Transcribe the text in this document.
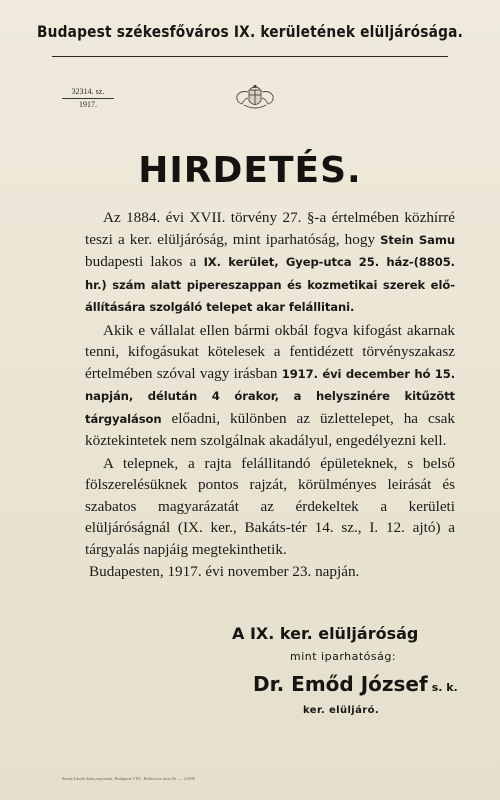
Budapest székesfőváros IX. kerületének elüljárósága.
32314. sz.
1917.
HIRDETÉS.

Az 1884. évi XVII. törvény 27. §-a értelmében közhírré teszi a ker. elüljáróság, mint iparhatóság, hogy Stein Samu budapesti lakos a IX. kerület, Gyep-utca 25. ház-(8805. hr.) szám alatt pipereszappan és kozmetikai szerek előállítására szolgáló telepet akar felállitani.

Akik e vállalat ellen bármi okbál fogva kifogást akarnak tenni, kifogásukat kötelesek a fentidézett törvényszakasz értelmében szóval vagy irásban 1917. évi december hó 15. napján, délután 4 órakor, a helyszinére kitűzött tárgyaláson előadni, különben az üzlettelepet, ha csak köztekintetek nem szolgálnak akadályul, engedélyezni kell.

A telepnek, a rajta felállitandó épületeknek, s belső fölszerelésüknek pontos rajzát, körülményes leirását és szabatos magyarázatát az érdekeltek a kerületi elüljáróságnál (IX. ker., Bakáts-tér 14. sz., I. 12. ajtó) a tárgyalás napjáig megtekinthetik.

Budapesten, 1917. évi november 23. napján.

A IX. ker. elüljáróság
mint iparhatóság:
Dr. Emőd József s. k.
ker. elüljáró.
Szent-László könyvnyomda, Budapest VIII., Bérkocsis-utca 26. — 21900
